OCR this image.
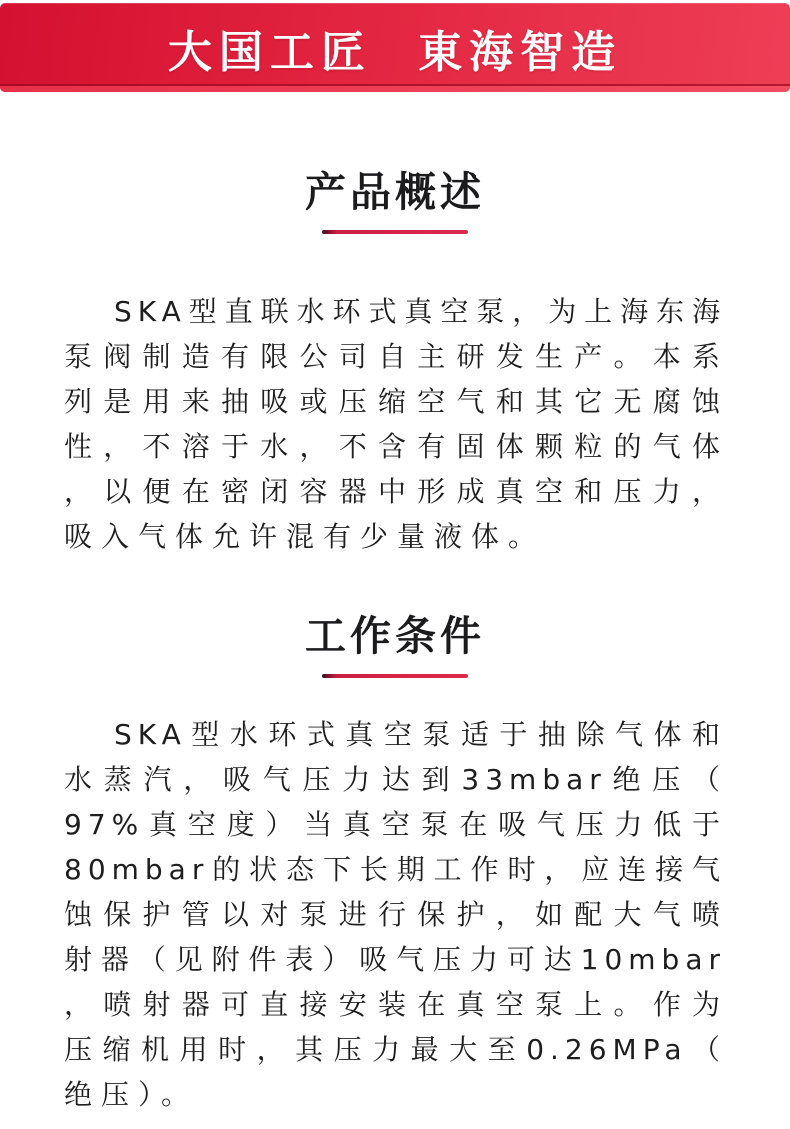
大国工匠 東海智造
产品概述
SKA型直联水环式真空泵，为上海东海
泵阀制造有限公司自主研发生产。本系
列是用来抽吸或压缩空气和其它无腐蚀
性，不溶于水，不含有固体颗粒的气体
，以便在密闭容器中形成真空和压力，
吸入气体允许混有少量液体。
工作条件
SKA型水环式真空泵适于抽除气体和
水蒸汽，吸气压力达到33mbar绝压（
97%真空度）当真空泵在吸气压力低于
80mbar的状态下长期工作时，应连接气
蚀保护管以对泵进行保护，如配大气喷
射器（见附件表）吸气压力可达10mbar
，喷射器可直接安装在真空泵上。作为
压缩机用时，其压力最大至0.26MPa（
绝压）。
